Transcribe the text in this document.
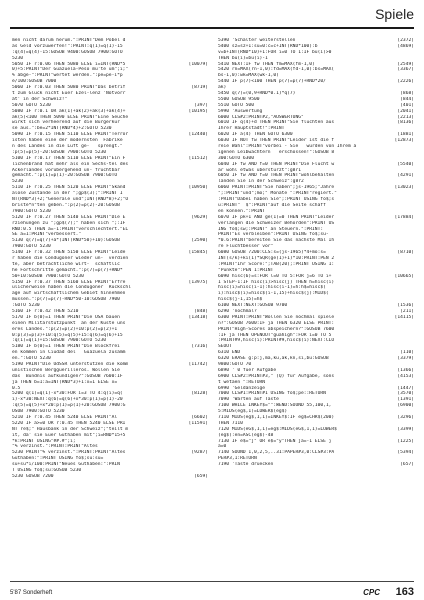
Spiele
men nicht darum herum.":PRINT"Dem Pöbel d
as Geld vorzuwerfen!":PRINT:q(1)=q(1)-15
:q(4)=q(4)-15:GOSUB 9400:GOSUB 7900:GOTO
5230
5050 IF r:0.06 THEN 5080 ELSE i=INT(RND*5	[10079]
0)+5:PRINT"Der Guazuela-Peso mu'te um";i;"
% abge-":PRINT"wertet werden.":pe=pe-i*p
e/100:GOSUB 7000
5060 IF r:0.03 THEN 5080 PRINT"Das betrif	[8719]
t zum Glück nicht Euer Ezel-lenz 'Notvorr
at' in der Schweiz!"
5070 GOTO 5230	[397]
5080 IF r:0.1 OR ak(1)+ak(2)+ak(3)+ak(4)+	[10195]
ak(5)<100 THEN 5090 ELSE PRINT"Eine Seuche
wirkt sich verheerend auf die Bürgerkur
se aus.":be=2*INT(RND*4)+2:GOTO 5230
5090 IF r:0.15 THEN 5110 ELSE PRINT"Terror	[12440]
isten haben eine der modernsten  Fabrike
n des Landes in die Luft ge-   sprengt."
:p(5)=p(5)-20:GOSUB 7900:GOTO 5230
5100 IF r:0.17 THEN 5110 ELSE PRINT"Ein F	[11512]
lichenbrand hat mehr als ein Sechs-tel des
Ackerlandes vorübergehend un- fruchtbar
gemacht.":p(1)=p(1)-20:GOSUB 7900:GOTO
5230
5110 IF r:0.25 THEN 5120 ELSE PRINT"Skand	[10950]
alöse Zustände in der ";gp$(3);":PRINT I
NT(RND*3)+2;"Generale und";INT(RND*8)+2;"O
briste*n"ten geben.":p(2)=p(2)-20:GOSUB
7900:GOTO 5230
5120 IF r:0.27 THEN 5140 ELSE PRINT"Die E	[9629]
rziehungen zu ";gp$(7);" haben sich ";:IF
RND:0.5 THEN a=-1:PRINT"verschlechtert."EL
SE a=1:PRINT"verbessert."
5130 q(7)=q(7)+a*(INT(RND*50)+10):GOSUB	[2590]
7900:GOTO 5230
5140 IF r:0.32 THEN 5150 ELSE PRINT"Leide	[15845]
r haben die Condugoner wieder un-  verdien
te, aber beträchtliche wirt-  schaftlic
he Fortschritte gemacht.":p(7)=p(7)+RND*
50+10:GOSUB 7900:GOTO 5230
5150 IF r:0.37 THEN 5160 ELSE PRINT"Erfre	[13975]
ulicherweise haben die Condugoner  Rückschl
äge auf wirtschaftlichem Gebiet hinnehmen
müssen.":p(7)=p(7)-RND*50-10:GOSUB 7900
:GOTO 5230
5160 IF r:0.42 THEN 5210	[848]
5170 IF b(0)=1 THEN PRINT"Die USA bauen	[13418]
einen Militärstützpunkt  an der Küste uns
eres Landes.":p(2)=p(2)+10:p(2)=p(2)+1
0:p(3)=p(3)+10:q(5)=q(5)+15:q(6)=q(6)+15
:q(1)=q(1)+15:GOSUB 7900:GOTO 5230
5180 IF b(0)=1 THEN PRINT"Die Blockfrei	[7316]
en kommen in Ciudad del   Guazuela zusamm
en.":GOTO 5230
5190 PRINT"Die UdSSR unterstützen die komm	[11742]
unistischen Bergguerilleros. Wollen Sie
das  Bündnis aufkündigen?":GOSUB 7600:IF
ja THEN b=1:a=INT(RND*3)+1:x=1 ELSE x=
0.5
5200 q(1)=q(1)-x*30:FOR i=3 TO 4:q(i)=q(	[8128]
i)-x*30:NEXT:q(6)=q(6)+x*30:p(1)=p(1)-20
:q(5)=q(5)+x*20:p(1)=p(1)+20:GOSUB 7900:G
OSUB 7900:GOTO 5230
5210 IF r:0.45 THEN 5240 ELSE PRINT"Al	[6602]
5220 IF a>=0 OR r:0.45 THEN 5240 ELSE PRI	[11591]
NT re$;" Hausbank in der Schweiz";"teilt m
it, da' sie Euer Guthaben mit";i=RND*15+5
*k:PRINT USING"##.#";i;
"% verzinst.":PRINT:PRINT"Altes
5230 PRINT"% verzinst.":PRINT:PRINT"Altes	[9287]
Guthaben:":PRINT USING fo$;su:su=
su+su*i/100:PRINT"Neues Guthaben:":PRIN
T USING fo$;su:GOSUB 5230
5230 GOSUB 7200	[659]
5390 'Schalter weiterstellen	[2372]
5400 sz=sz+1:su=0:c=c+INT(RND*100):b	[4869]
v=b+INT(RND*10)+1:FOR i=0 TO 1:IF bu(i)>0
THEN bu(i)=bu(i)-1
5410 NEXT:IF fw THEN fm=MAX(fm-1,0)	[2549]
5420 rn=MAX(rn-1,0):fd=MAX(fd-1,0):bs=MAX(	[3367]
bs-1,0):wk=MAX(wk-1,0)
5440 IF p(7)<100 THEN p(7)=p(7)+RND*20/	[2226]
ak)
5450 q(7)=(0,9+RND*0.1)*q(7)	[868]
5500 GOSUB 9500	[844]
5510 GOTO 500	[401]
5990 'Auswertung	[2041]
6000 CLS#2:PRINT#2,"AUSWERTUNG"	[2213]
6010 IF q(4)+d THEN PRINT"Sie flüchten aus	[8136]
Ihrer Hauptstadt!":PRINT
6020 IF a(4) THEN GOTO 6300	[1881]
6030 IF NOT fw THEN PRINT"Leider ist die f	[12873]
reie Wahl":PRINT"vorbei - Sie   wurden von Ihrem a
igenen Leibwächtern   erschossen!":GOSUB 8
300:GOTO 6300
6040 IF fw AND f=0 THEN PRINT"Die Flucht w	[5540]
ar wohl etwas überstürzt":g8r1
6050 IF fw AND f=0 THEN PRINT"wohlbehalten	[4291]
landen Sie in der Schweiz":g8r2
6060 PRINT:PRINT"Sie haben";js-1965;"Jahre	[13023]
";:PRINT"und";mo;" Monate ":PRINT"regiert."
:PRINT"Dabei haben Sie";:PRINT USING fo$;s
u:PRINT"  $":PRINT"auf die Seite schaff
en können.":PRINT
6070 IF pk+1 AND ge(1)=0 THEN PRINT"Leider	[17884]
verlangen die Schweizer Behörden":PRINT US
ING fo$;sw;:PRINT" an Steuern.":PRINT:
PRINT"Es verbleiben":PRINT USING fo$;su-
*0.6:PRINT"bereiten Sie das nächste Mal Ih
re Fluchtbesser vor"
6080 GOSUB 7200:CLS:s=(js-1965)*4+mo:s=	[8710]
INT(s/k)+ki(1)*SQR(ge(1)+1)*10:PRINT:PEN 2
:PRINT"Ihr Score:";TAB(20);:PRINT USING 1:
"Punkte":PEN 1:PRINT
6090 hisc(6)=s:FOR l=0 TO 5:FOR j=6 TO i+	[10665]
1 STEP-1:IF hisc(i)>hisc(j) THEN h=hisc(i)
hisc(i)=hisc(i-1):hisc(i-1)=h:h$=hisc$(
i):hisc$(i)=hisc$(i-1,15)+hisc$(j):MID$(
hisc$(j-1,15)=h$
6100 NEXT:NEXT:GOSUB 9700	[1536]
6290 'nochmal?	[211]
6300 PRINT:PRINT"Wollen Sie nochmal spiele	[14115]
n?":GOSUB 7600:IF ja THEN 6320 ELSE PRINT:
PRINT"High-Scores abspeichern?":GOSUB 7600
:IF ja THEN OPENOUT"guahigh":FOR i=0 TO 5
:PRINT#9,hisc(i):PRINT#9,hisc$(i):NEXT:CLO
SEOUT
6310 END	[110]
6320 ERASE g:p:j,ma,ku,ak,kn,si,bu:GOSUB	[3379]
9800:GOTO 70
6890 ' 0 fuer Aufgabe	[1366]
6900 CLS#2:PRINT#3," (Q) für Aufgabe, sons	[4153]
t wetaen ":RETURN
6990 'Geldanzeige	[1447]
7000 CLS#1:PRINT#1 USING fo$;pe::RETURN	[3570]
7090 'Warten auf Taste	[1391]
7100 WHILE INKEY$="":WEND:SOUND 55,100,1,	[6900]
5:MIDS(eg$,1)=LOWER$(eg$)
7110 MIDS(eg$,1,1)=INKEY$:IF eg$=CHR$(200)	[3296]
THEN 7110
7120 MIDS(eG$,1,1)=eg$:MIDS(eG$,1,1)=LOWER$	[3399]
(eg$):en=ASC(eg$)-48
7130 IF e$="j" OR e$="y"THEN ja=-1 ELSE j	[1225]
a=0
7140 SOUND 1,0,2,5,..31:PAPER#3,0:CLS#3:PA	[5394]
PER#3,1:RETURN
7190 'Taste druecken	[657]
5'87 Sonderheft	CPC 163
